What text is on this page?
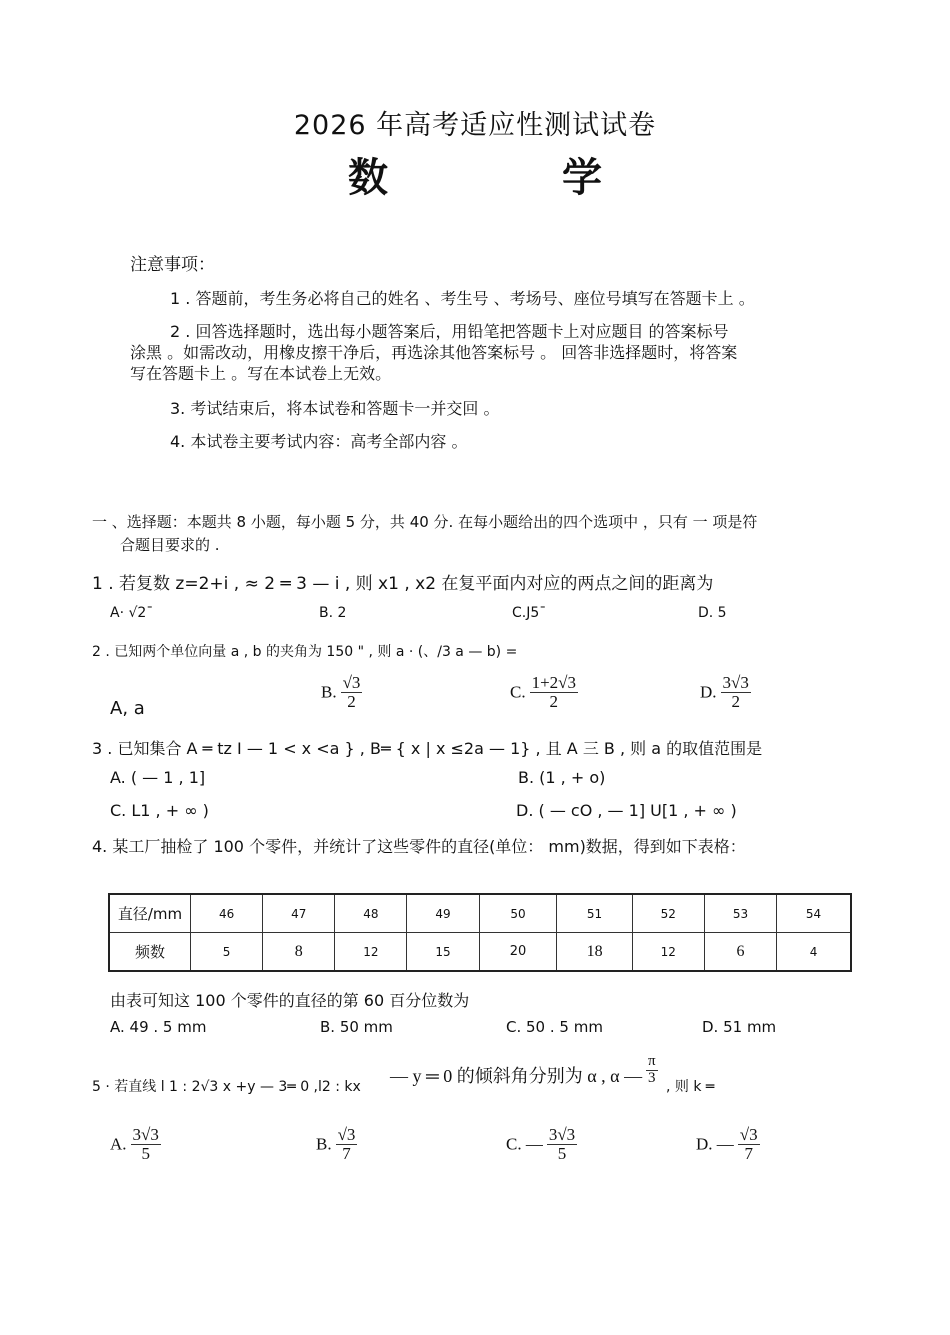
2026 年高考适应性测试试卷
数 学
注意事项：
1 . 答题前，考生务必将自己的姓名 、考生号 、考场号、座位号填写在答题卡上 。
2 . 回答选择题时，选出每小题答案后，用铅笔把答题卡上对应题目 的答案标号
涂黑 。如需改动，用橡皮擦干净后，再选涂其他答案标号 。 回答非选择题时，将答案
写在答题卡上 。写在本试卷上无效。
3. 考试结束后，将本试卷和答题卡一并交回 。
4. 本试卷主要考试内容：高考全部内容 。
一 、选择题：本题共 8 小题，每小题 5 分，共 40 分. 在每小题给出的四个选项中 ，只有 一 项是符
合题目要求的 .
1 . 若复数 z=2+i , ≈ 2 ═ 3 — i , 则 x1 , x2 在复平面内对应的两点之间的距离为
A· √2¯	B. 2	C.J5¯	D. 5
2 . 已知两个单位向量 a , b 的夹角为 150 " , 则 a · (、/3 a — b) =
A, a
B. $\frac{√3}{2}$	C. $\frac{1+2√3}{2}$	D. $\frac{3√3}{2}$
3 . 已知集合 A ═ tz I — 1 < x <a } , B═ { x | x ≤2a — 1} , 且 A 三 B , 则 a 的取值范围是
A. ( — 1 , 1]	B. (1 , + o)
C. L1 , + ∞ )	D. ( — cO , — 1] U[1 , + ∞ )
4. 某工厂抽检了 100 个零件，并统计了这些零件的直径(单位： mm)数据，得到如下表格：
直径/mm	46	47	48	49	50	51	52	53	54
频数	5	8	12	15	20	18	12	6	4
由表可知这 100 个零件的直径的第 60 百分位数为
A. 49 . 5 mm	B. 50 mm	C. 50 . 5 mm	D. 51 mm
5 · 若直线 l 1 : 2√3 x +y — 3═ 0 ,l2 : kx
— y ═ 0 的倾斜角分别为 α , α — $\frac{\pi}{3}$
, 则 k ═
A. $\frac{3√3}{5}$	B. $\frac{√3}{7}$	C. — $\frac{3√3}{5}$	D. — $\frac{√3}{7}$
